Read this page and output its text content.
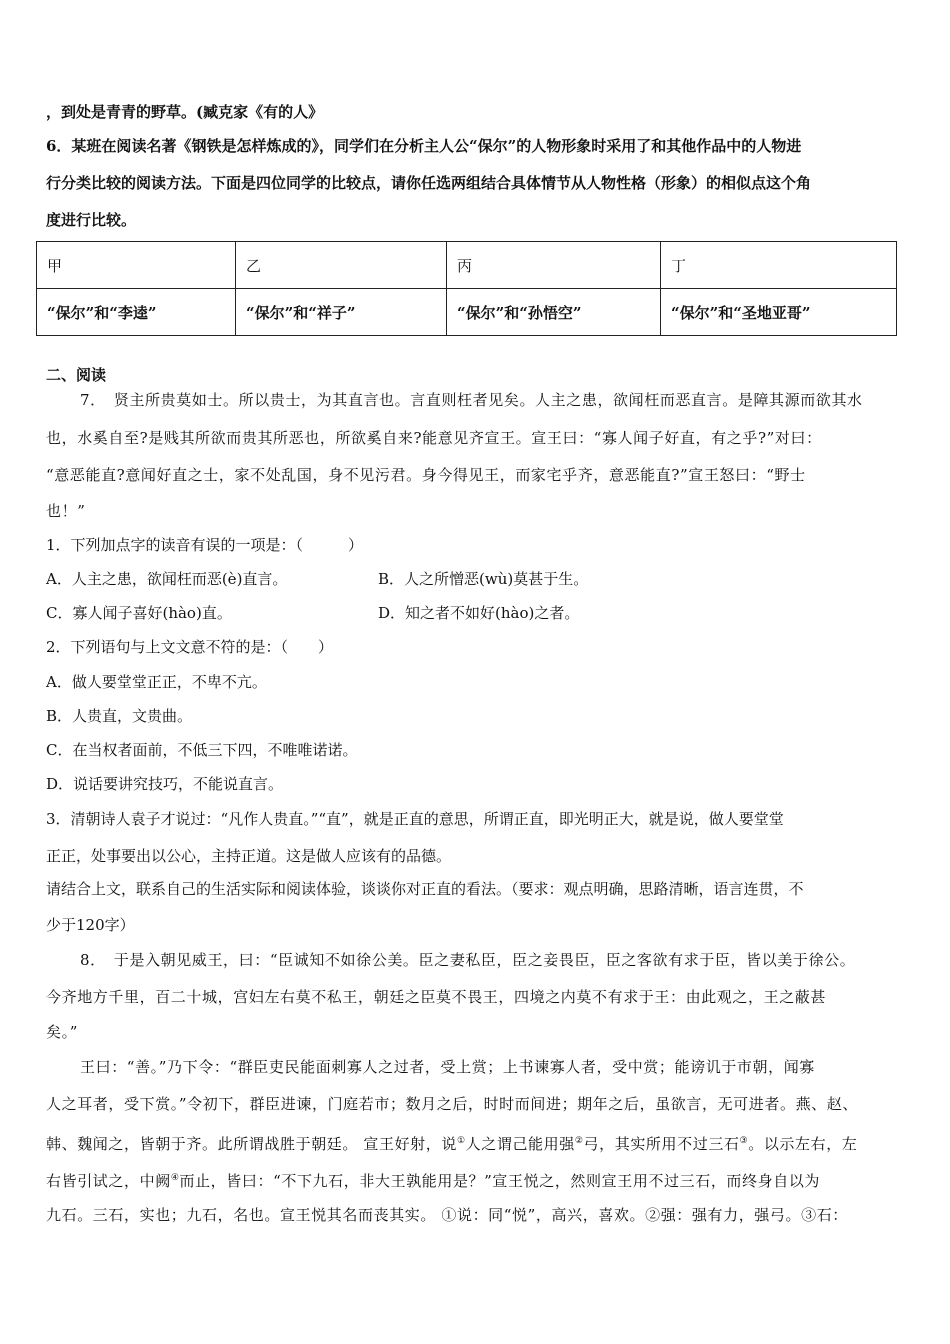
，到处是青青的野草。(臧克家《有的人》
6．某班在阅读名著《钢铁是怎样炼成的》，同学们在分析主人公“保尔”的人物形象时采用了和其他作品中的人物进
行分类比较的阅读方法。下面是四位同学的比较点，请你任选两组结合具体情节从人物性格（形象）的相似点这个角
度进行比较。
甲	乙	丙	丁
“保尔”和“李逵”	“保尔”和“祥子”	“保尔”和“孙悟空”	“保尔”和“圣地亚哥”
二、阅读
7．　贤主所贵莫如士。所以贵士，为其直言也。言直则枉者见矣。人主之患，欲闻枉而恶直言。是障其源而欲其水
也，水奚自至?是贱其所欲而贵其所恶也，所欲奚自来?能意见齐宣王。宣王曰：“寡人闻子好直，有之乎?”对曰：
“意恶能直?意闻好直之士，家不处乱国，身不见污君。身今得见王，而家宅乎齐，意恶能直?”宣王怒曰：“野士
也！”
1．下列加点字的读音有误的一项是：（　　　）
A．人主之患，欲闻枉而恶(è)直言。	B．人之所憎恶(wù)莫甚于生。
C．寡人闻子喜好(hào)直。	D．知之者不如好(hào)之者。
2．下列语句与上文文意不符的是：（　　）
A．做人要堂堂正正，不卑不亢。
B．人贵直，文贵曲。
C．在当权者面前，不低三下四，不唯唯诺诺。
D．说话要讲究技巧，不能说直言。
3．清朝诗人袁子才说过：“凡作人贵直。”“直”，就是正直的意思，所谓正直，即光明正大，就是说，做人要堂堂
正正，处事要出以公心，主持正道。这是做人应该有的品德。
请结合上文，联系自己的生活实际和阅读体验，谈谈你对正直的看法。（要求：观点明确，思路清晰，语言连贯，不
少于120字）
8．　于是入朝见威王，曰：“臣诚知不如徐公美。臣之妻私臣，臣之妾畏臣，臣之客欲有求于臣，皆以美于徐公。
今齐地方千里，百二十城，宫妇左右莫不私王，朝廷之臣莫不畏王，四境之内莫不有求于王：由此观之，王之蔽甚
矣。”
王曰：“善。”乃下令：“群臣吏民能面刺寡人之过者，受上赏；上书谏寡人者，受中赏；能谤讥于市朝，闻寡
人之耳者，受下赏。”令初下，群臣进谏，门庭若市；数月之后，时时而间进；期年之后，虽欲言，无可进者。燕、赵、
韩、魏闻之，皆朝于齐。此所谓战胜于朝廷。 宣王好射，说①人之谓己能用强②弓，其实所用不过三石③。以示左右，左
右皆引试之，中阙④而止，皆曰：“不下九石，非大王孰能用是？”宣王悦之，然则宣王用不过三石，而终身自以为
九石。三石，实也；九石，名也。宣王悦其名而丧其实。 ①说：同“悦”，高兴，喜欢。②强：强有力，强弓。③石：
